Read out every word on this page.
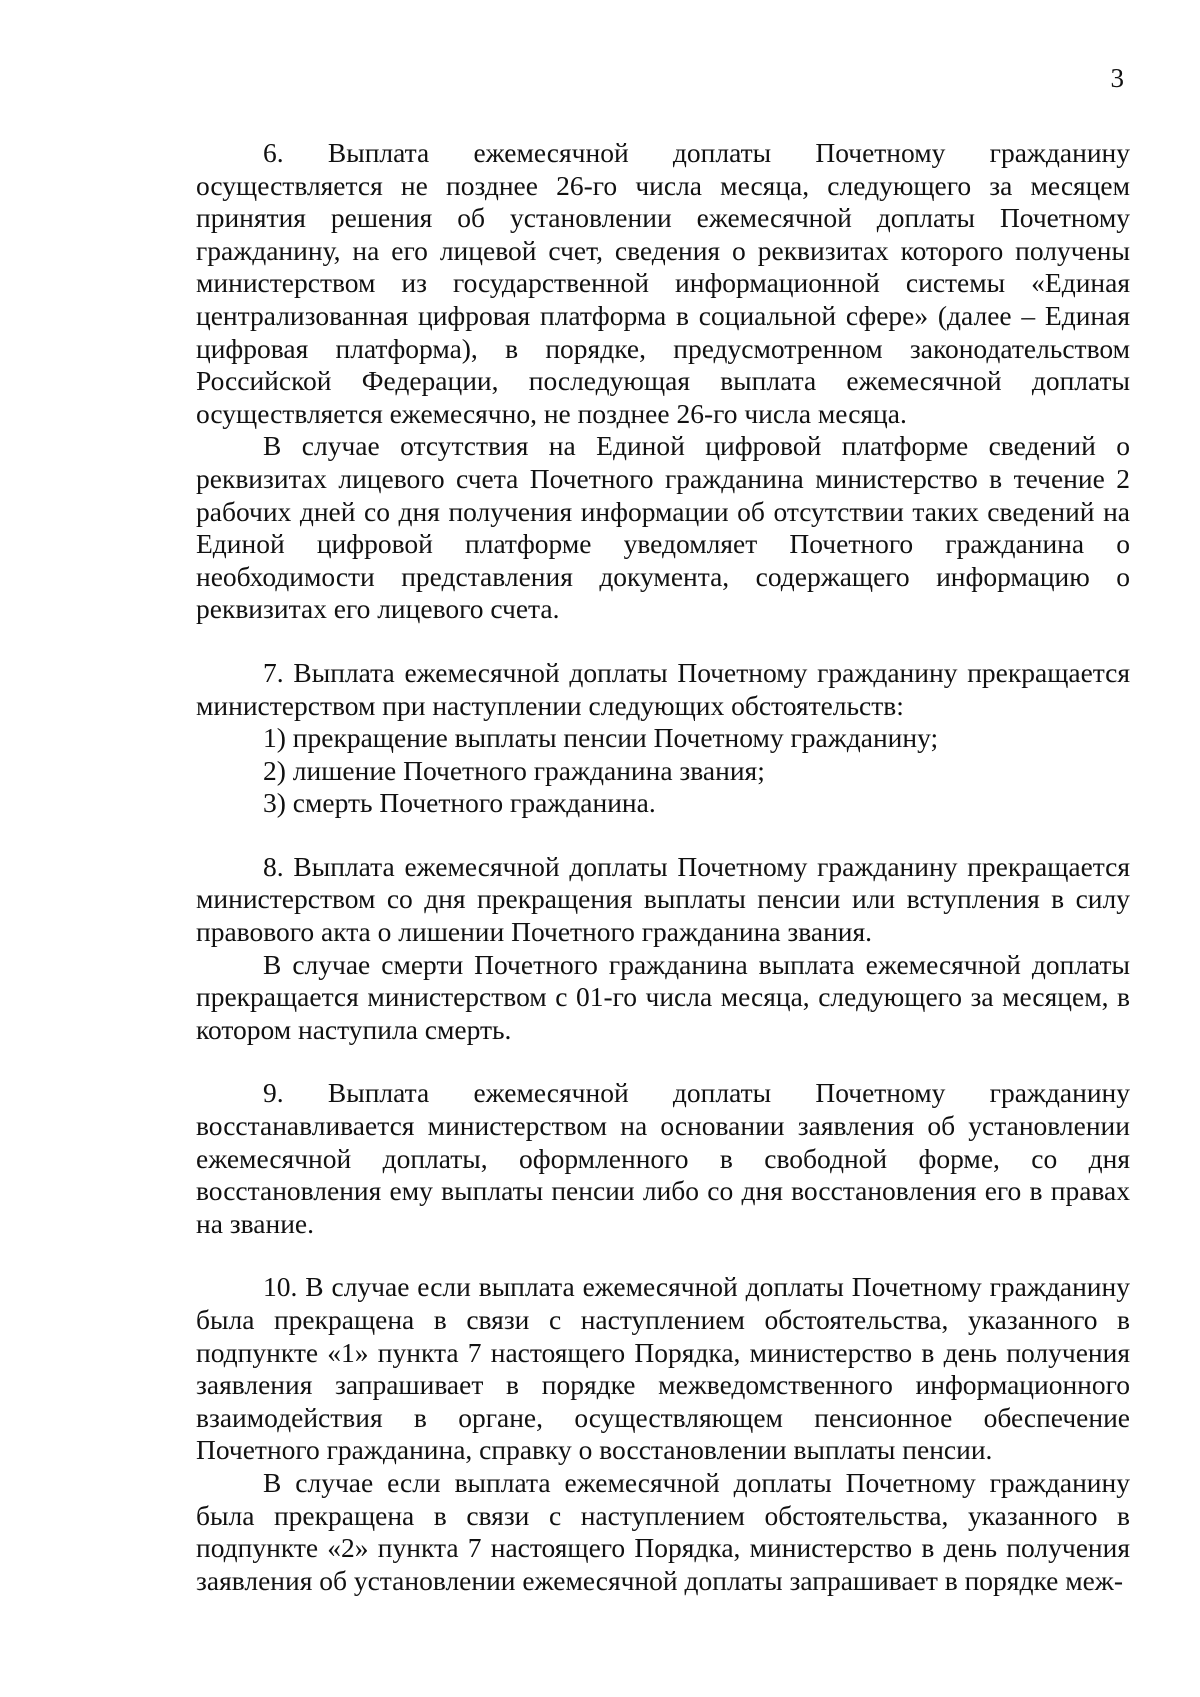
3

6. Выплата ежемесячной доплаты Почетному гражданину осуществляется не позднее 26-го числа месяца, следующего за месяцем принятия решения об установлении ежемесячной доплаты Почетному гражданину, на его лицевой счет, сведения о реквизитах которого получены министерством из государственной информационной системы «Единая централизованная цифровая платформа в социальной сфере» (далее – Единая цифровая платформа), в порядке, предусмотренном законодательством Российской Федерации, последующая выплата ежемесячной доплаты осуществляется ежемесячно, не позднее 26-го числа месяца.

В случае отсутствия на Единой цифровой платформе сведений о реквизитах лицевого счета Почетного гражданина министерство в течение 2 рабочих дней со дня получения информации об отсутствии таких сведений на Единой цифровой платформе уведомляет Почетного гражданина о необходимости представления документа, содержащего информацию о реквизитах его лицевого счета.

7. Выплата ежемесячной доплаты Почетному гражданину прекращается министерством при наступлении следующих обстоятельств:

1) прекращение выплаты пенсии Почетному гражданину;

2) лишение Почетного гражданина звания;

3) смерть Почетного гражданина.

8. Выплата ежемесячной доплаты Почетному гражданину прекращается министерством со дня прекращения выплаты пенсии или вступления в силу правового акта о лишении Почетного гражданина звания.

В случае смерти Почетного гражданина выплата ежемесячной доплаты прекращается министерством с 01-го числа месяца, следующего за месяцем, в котором наступила смерть.

9. Выплата ежемесячной доплаты Почетному гражданину восстанавливается министерством на основании заявления об установлении ежемесячной доплаты, оформленного в свободной форме, со дня восстановления ему выплаты пенсии либо со дня восстановления его в правах на звание.

10. В случае если выплата ежемесячной доплаты Почетному гражданину была прекращена в связи с наступлением обстоятельства, указанного в подпункте «1» пункта 7 настоящего Порядка, министерство в день получения заявления запрашивает в порядке межведомственного информационного взаимодействия в органе, осуществляющем пенсионное обеспечение Почетного гражданина, справку о восстановлении выплаты пенсии.

В случае если выплата ежемесячной доплаты Почетному гражданину была прекращена в связи с наступлением обстоятельства, указанного в подпункте «2» пункта 7 настоящего Порядка, министерство в день получения заявления об установлении ежемесячной доплаты запрашивает в порядке меж-
